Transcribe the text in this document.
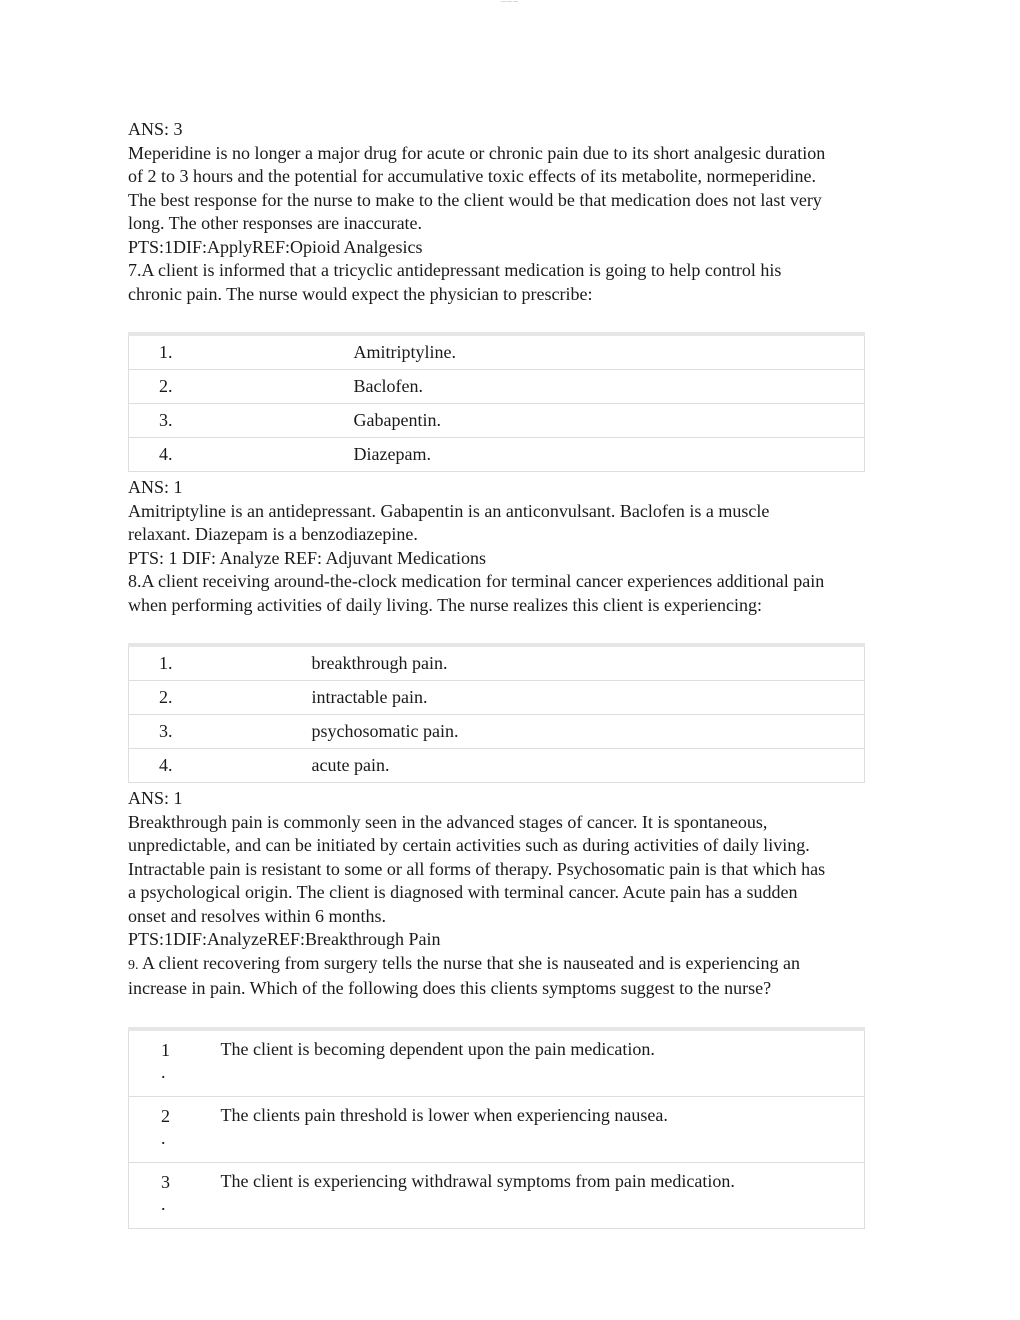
ANS: 3

Meperidine is no longer a major drug for acute or chronic pain due to its short analgesic duration

of 2 to 3 hours and the potential for accumulative toxic effects of its metabolite, normeperidine.

The best response for the nurse to make to the client would be that medication does not last very

long. The other responses are inaccurate.

PTS:1DIF:ApplyREF:Opioid Analgesics

7.A client is informed that a tricyclic antidepressant medication is going to help control his

chronic pain. The nurse would expect the physician to prescribe:

1.	Amitriptyline.
2.	Baclofen.
3.	Gabapentin.
4.	Diazepam.

ANS: 1

Amitriptyline is an antidepressant. Gabapentin is an anticonvulsant. Baclofen is a muscle

relaxant. Diazepam is a benzodiazepine.

PTS: 1 DIF: Analyze REF: Adjuvant Medications

8.A client receiving around-the-clock medication for terminal cancer experiences additional pain

when performing activities of daily living. The nurse realizes this client is experiencing:

1.	breakthrough pain.
2.	intractable pain.
3.	psychosomatic pain.
4.	acute pain.

ANS: 1

Breakthrough pain is commonly seen in the advanced stages of cancer. It is spontaneous,

unpredictable, and can be initiated by certain activities such as during activities of daily living.

Intractable pain is resistant to some or all forms of therapy. Psychosomatic pain is that which has

a psychological origin. The client is diagnosed with terminal cancer. Acute pain has a sudden

onset and resolves within 6 months.

PTS:1DIF:AnalyzeREF:Breakthrough Pain

9. A client recovering from surgery tells the nurse that she is nauseated and is experiencing an

increase in pain. Which of the following does this clients symptoms suggest to the nurse?

1
.	The client is becoming dependent upon the pain medication.

2
.	The clients pain threshold is lower when experiencing nausea.

3
.	The client is experiencing withdrawal symptoms from pain medication.
